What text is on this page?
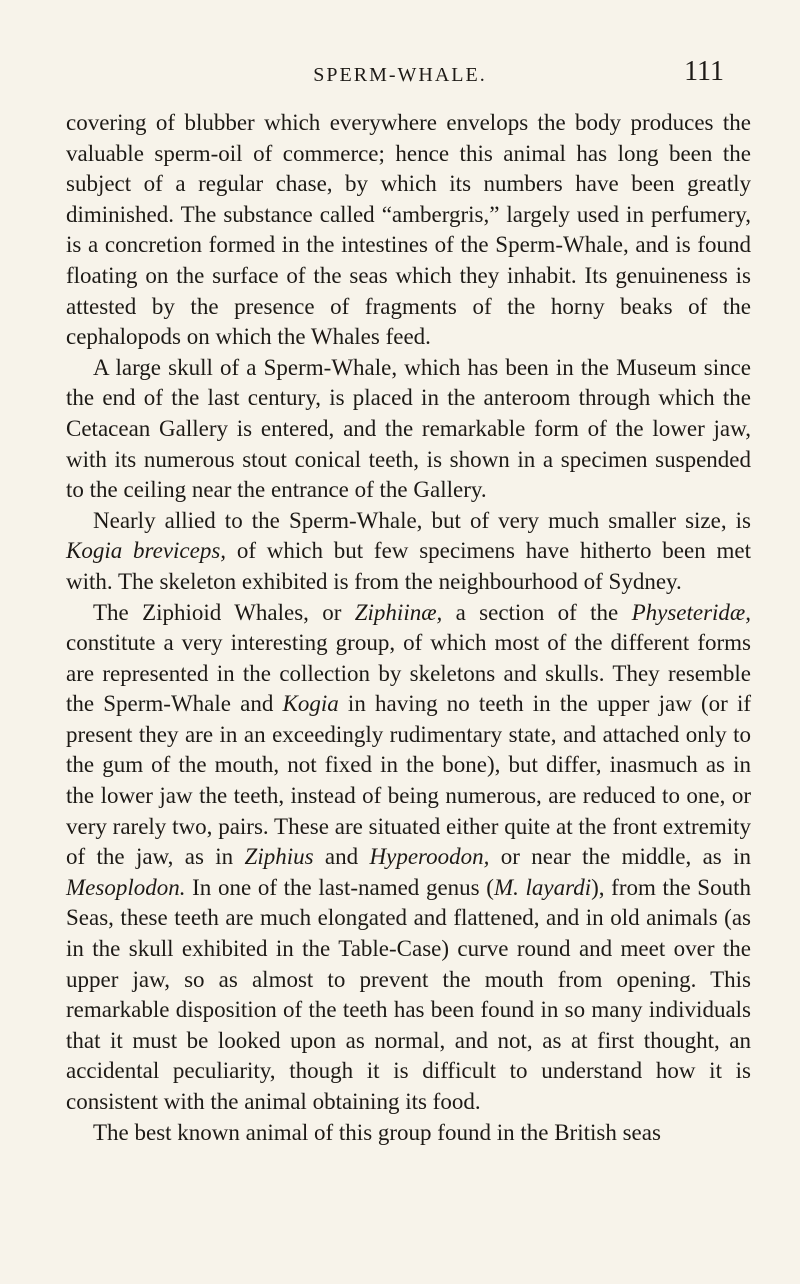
SPERM-WHALE.	111

covering of blubber which everywhere envelops the body produces the valuable sperm-oil of commerce; hence this animal has long been the subject of a regular chase, by which its numbers have been greatly diminished. The substance called “ambergris,” largely used in perfumery, is a concretion formed in the intestines of the Sperm-Whale, and is found floating on the surface of the seas which they inhabit. Its genuineness is attested by the presence of fragments of the horny beaks of the cephalopods on which the Whales feed.

A large skull of a Sperm-Whale, which has been in the Museum since the end of the last century, is placed in the anteroom through which the Cetacean Gallery is entered, and the remarkable form of the lower jaw, with its numerous stout conical teeth, is shown in a specimen suspended to the ceiling near the entrance of the Gallery.

Nearly allied to the Sperm-Whale, but of very much smaller size, is Kogia breviceps, of which but few specimens have hitherto been met with. The skeleton exhibited is from the neighbourhood of Sydney.

The Ziphioid Whales, or Ziphiinæ, a section of the Physeteridæ, constitute a very interesting group, of which most of the different forms are represented in the collection by skeletons and skulls. They resemble the Sperm-Whale and Kogia in having no teeth in the upper jaw (or if present they are in an exceedingly rudimentary state, and attached only to the gum of the mouth, not fixed in the bone), but differ, inasmuch as in the lower jaw the teeth, instead of being numerous, are reduced to one, or very rarely two, pairs. These are situated either quite at the front extremity of the jaw, as in Ziphius and Hyperoodon, or near the middle, as in Mesoplodon. In one of the last-named genus (M. layardi), from the South Seas, these teeth are much elongated and flattened, and in old animals (as in the skull exhibited in the Table-Case) curve round and meet over the upper jaw, so as almost to prevent the mouth from opening. This remarkable disposition of the teeth has been found in so many individuals that it must be looked upon as normal, and not, as at first thought, an accidental peculiarity, though it is difficult to understand how it is consistent with the animal obtaining its food.

The best known animal of this group found in the British seas
